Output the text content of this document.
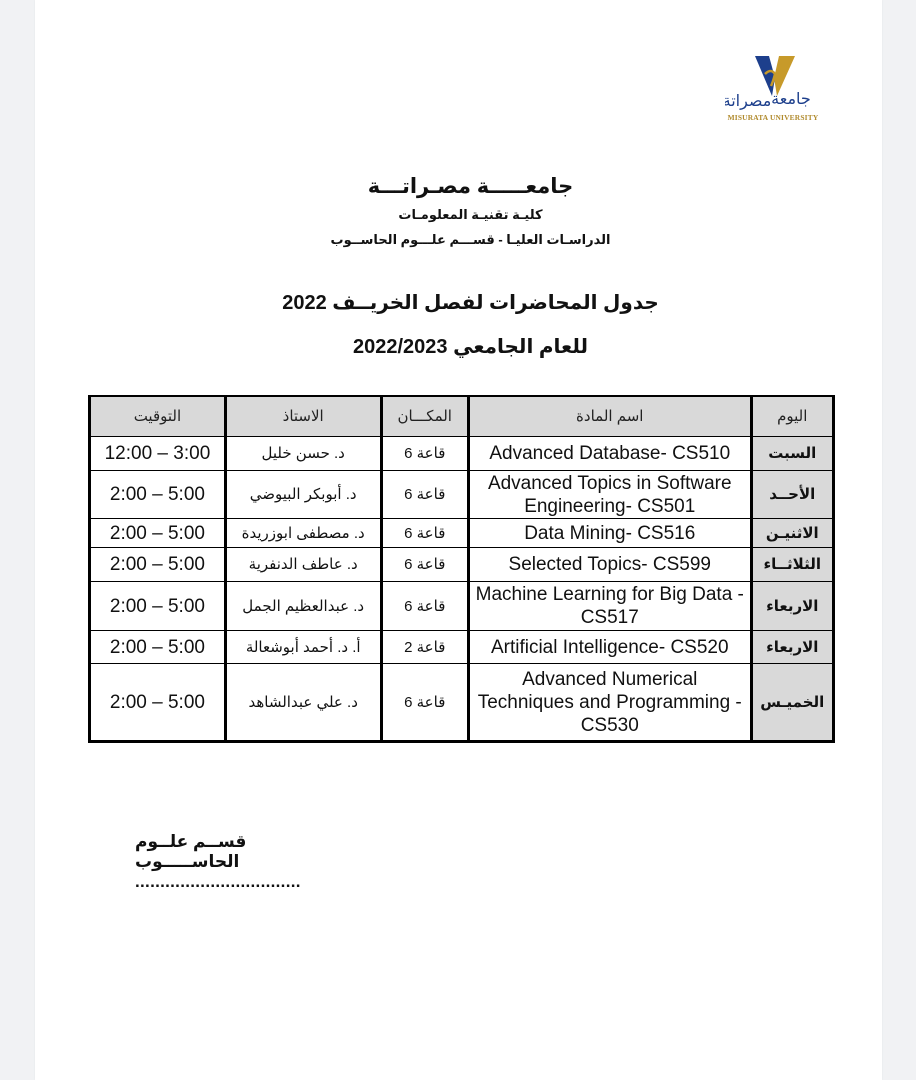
جامعة
مصراتة
MISURATA UNIVERSITY
جامعـــــة مصـراتـــة
كليـة تقنيـة المعلومـات
الدراسـات العليـا - قســـم علـــوم الحاســوب
جدول المحاضرات لفصل الخريــف 2022
للعام الجامعي 2022/2023
اليوم	اسم المادة	المكـــان	الاستاذ	التوقيت
السبت	Advanced Database- CS510	قاعة 6	د. حسن خليل	12:00 – 3:00
الأحــد	Advanced Topics in Software Engineering- CS501	قاعة 6	د. أبوبكر البيوضي	2:00 – 5:00
الاثنيـن	Data Mining- CS516	قاعة 6	د. مصطفى ابوزريدة	2:00 – 5:00
الثلاثــاء	Selected Topics- CS599	قاعة 6	د. عاطف الدنفرية	2:00 – 5:00
الاربعاء	Machine Learning for Big Data - CS517	قاعة 6	د. عبدالعظيم الجمل	2:00 – 5:00
الاربعاء	Artificial Intelligence- CS520	قاعة 2	أ. د. أحمد أبوشعالة	2:00 – 5:00
الخميـس	Advanced Numerical Techniques and Programming - CS530	قاعة 6	د. علي عبدالشاهد	2:00 – 5:00
قســم علــوم الحاســـــوب
.................................
